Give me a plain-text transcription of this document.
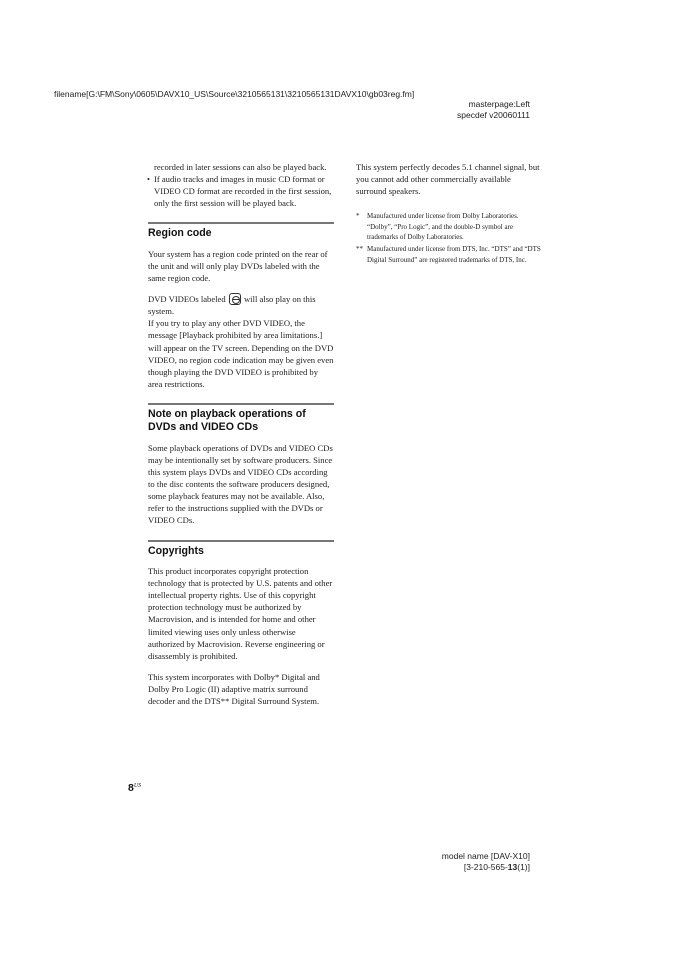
filename[G:\FM\Sony\0605\DAVX10_US\Source\3210565131\3210565131DAVX10\gb03reg.fm]
masterpage:Left
specdef v20060111

recorded in later sessions can also be played back.

• If audio tracks and images in music CD format or VIDEO CD format are recorded in the first session, only the first session will be played back.
Region code

Your system has a region code printed on the rear of the unit and will only play DVDs labeled with the same region code.

DVD VIDEOs labeled will also play on this system.

If you try to play any other DVD VIDEO, the message [Playback prohibited by area limitations.] will appear on the TV screen. Depending on the DVD VIDEO, no region code indication may be given even though playing the DVD VIDEO is prohibited by area restrictions.

Note on playback operations of DVDs and VIDEO CDs

Some playback operations of DVDs and VIDEO CDs may be intentionally set by software producers. Since this system plays DVDs and VIDEO CDs according to the disc contents the software producers designed, some playback features may not be available. Also, refer to the instructions supplied with the DVDs or VIDEO CDs.

Copyrights

This product incorporates copyright protection technology that is protected by U.S. patents and other intellectual property rights. Use of this copyright protection technology must be authorized by Macrovision, and is intended for home and other limited viewing uses only unless otherwise authorized by Macrovision. Reverse engineering or disassembly is prohibited.

This system incorporates with Dolby* Digital and Dolby Pro Logic (II) adaptive matrix surround decoder and the DTS** Digital Surround System.

This system perfectly decodes 5.1 channel signal, but you cannot add other commercially available surround speakers.

*	Manufactured under license from Dolby Laboratories.
“Dolby”, “Pro Logic”, and the double-D symbol are trademarks of Dolby Laboratories.
** Manufactured under license from DTS, Inc. “DTS” and “DTS Digital Surround” are registered trademarks of DTS, Inc.
$8^{US}$
model name [DAV-X10]
[3-210-565-13(1)]
